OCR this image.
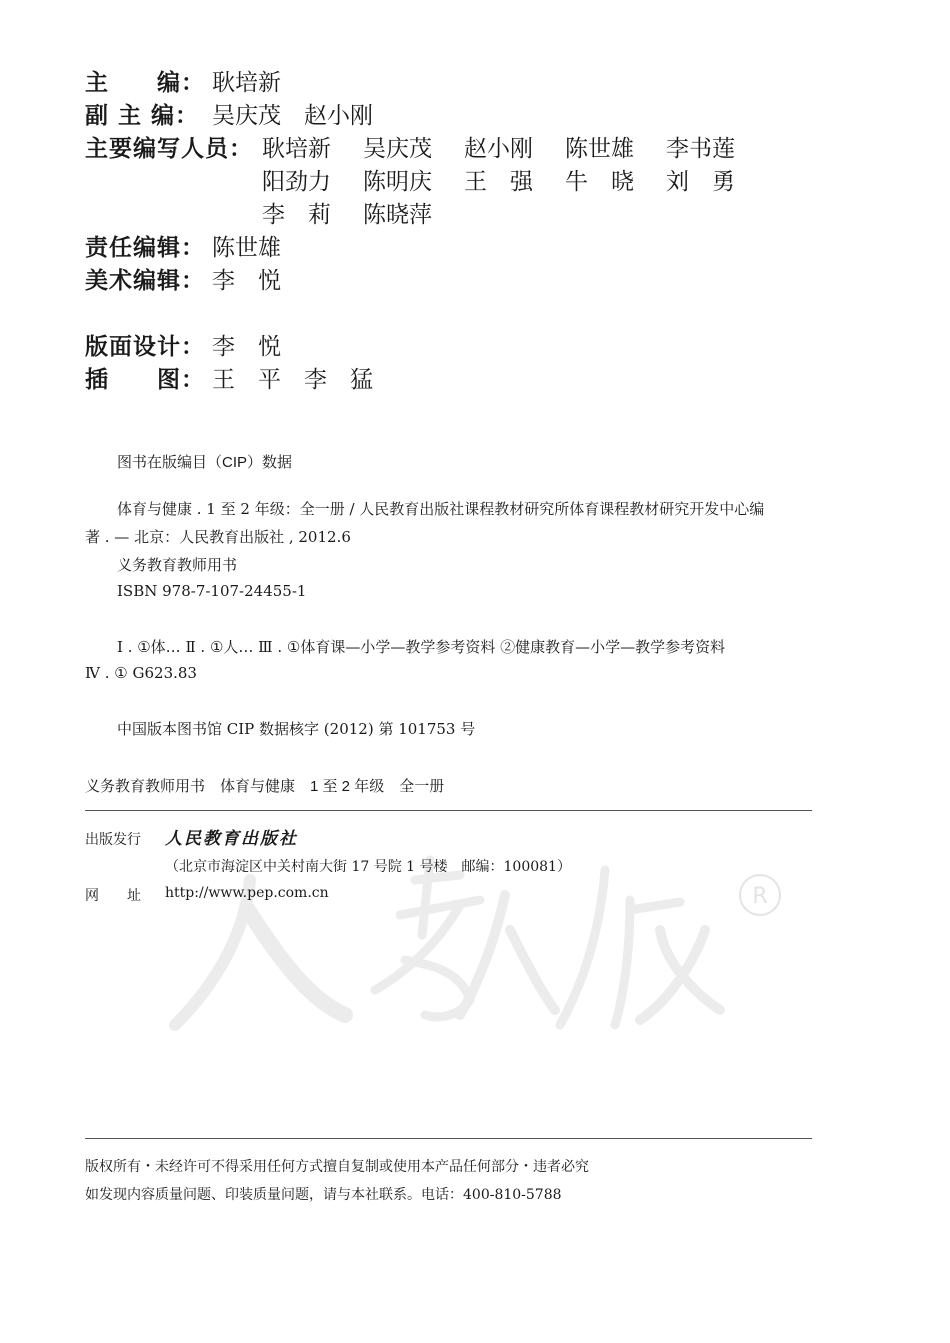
主　　编： 耿培新
副 主 编： 吴庆茂　赵小刚
主要编写人员： 耿培新 吴庆茂 赵小刚 陈世雄 李书莲
阳劲力 陈明庆 王　强 牛　晓 刘　勇
李　莉 陈晓萍
责任编辑： 陈世雄
美术编辑： 李　悦
版面设计： 李　悦
插　　图： 王　平　李　猛
图书在版编目（CIP）数据
体育与健康 . 1 至 2 年级：全一册 / 人民教育出版社课程教材研究所体育课程教材研究开发中心编
著 . — 北京：人民教育出版社 , 2012.6
义务教育教师用书
ISBN 978-7-107-24455-1
Ⅰ . ①体… Ⅱ . ①人… Ⅲ . ①体育课—小学—教学参考资料 ②健康教育—小学—教学参考资料
Ⅳ . ① G623.83
中国版本图书馆 CIP 数据核字 (2012) 第 101753 号
义务教育教师用书　体育与健康　1 至 2 年级　全一册
R
出版发行 人民教育出版社
（北京市海淀区中关村南大街 17 号院 1 号楼　邮编：100081）
网　　址 http://www.pep.com.cn
版权所有・未经许可不得采用任何方式擅自复制或使用本产品任何部分・违者必究
如发现内容质量问题、印装质量问题，请与本社联系。电话：400-810-5788
